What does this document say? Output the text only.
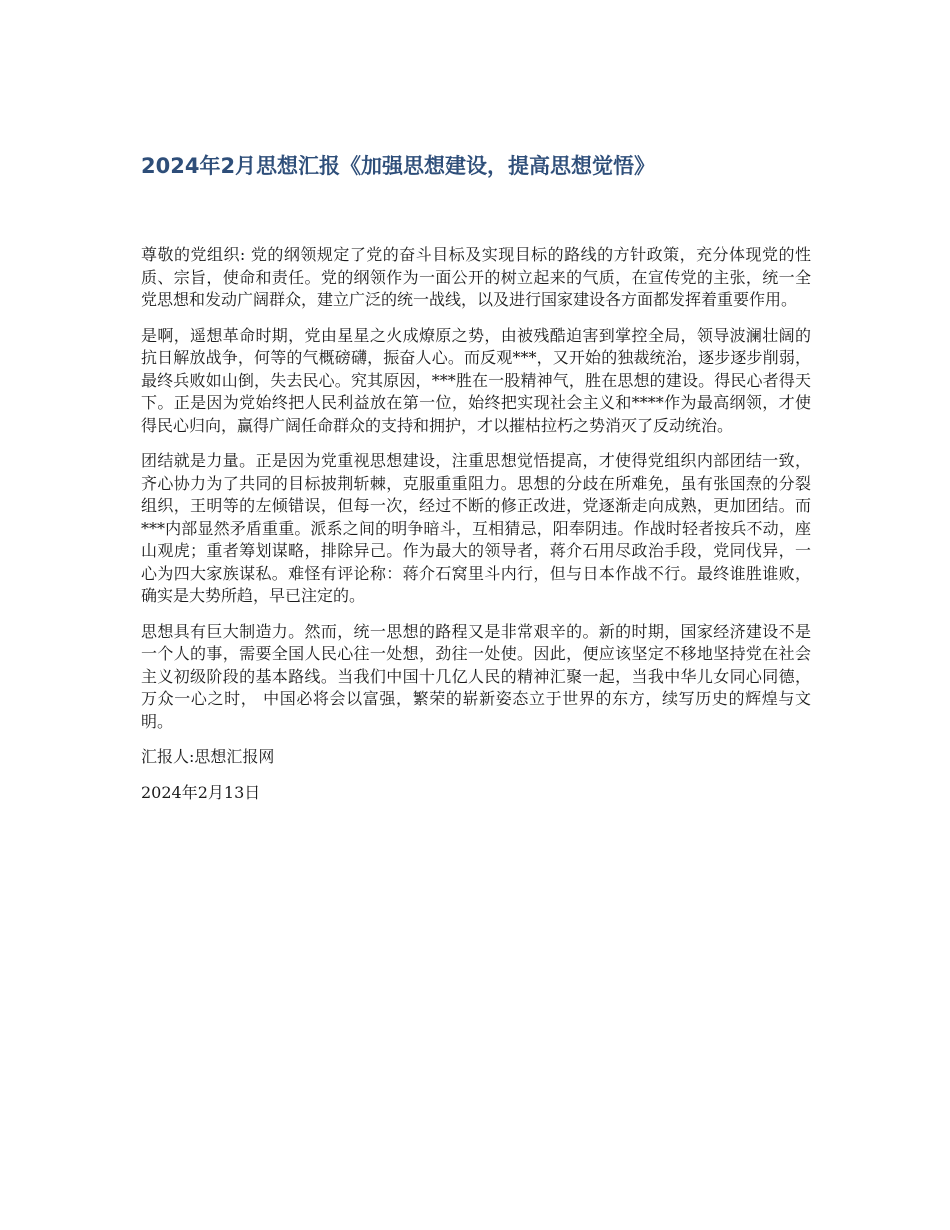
2024年2月思想汇报《加强思想建设，提高思想觉悟》

尊敬的党组织: 党的纲领规定了党的奋斗目标及实现目标的路线的方针政策，充分体现党的性质、宗旨，使命和责任。党的纲领作为一面公开的树立起来的气质，在宣传党的主张，统一全党思想和发动广阔群众，建立广泛的统一战线，以及进行国家建设各方面都发挥着重要作用。

是啊，遥想革命时期，党由星星之火成燎原之势，由被残酷迫害到掌控全局，领导波澜壮阔的抗日解放战争，何等的气概磅礴，振奋人心。而反观***，又开始的独裁统治，逐步逐步削弱，最终兵败如山倒，失去民心。究其原因，***胜在一股精神气，胜在思想的建设。得民心者得天下。正是因为党始终把人民利益放在第一位，始终把实现社会主义和****作为最高纲领，才使得民心归向，赢得广阔任命群众的支持和拥护，才以摧枯拉朽之势消灭了反动统治。

团结就是力量。正是因为党重视思想建设，注重思想觉悟提高，才使得党组织内部团结一致，齐心协力为了共同的目标披荆斩棘，克服重重阻力。思想的分歧在所难免，虽有张国焘的分裂组织，王明等的左倾错误，但每一次，经过不断的修正改进，党逐渐走向成熟，更加团结。而***内部显然矛盾重重。派系之间的明争暗斗，互相猜忌，阳奉阴违。作战时轻者按兵不动，座山观虎；重者筹划谋略，排除异己。作为最大的领导者，蒋介石用尽政治手段，党同伐异，一心为四大家族谋私。难怪有评论称：蒋介石窝里斗内行，但与日本作战不行。最终谁胜谁败，确实是大势所趋，早已注定的。

思想具有巨大制造力。然而，统一思想的路程又是非常艰辛的。新的时期，国家经济建设不是一个人的事，需要全国人民心往一处想，劲往一处使。因此，便应该坚定不移地坚持党在社会主义初级阶段的基本路线。当我们中国十几亿人民的精神汇聚一起，当我中华儿女同心同德，万众一心之时， 中国必将会以富强，繁荣的崭新姿态立于世界的东方，续写历史的辉煌与文明。

汇报人:思想汇报网

2024年2月13日
